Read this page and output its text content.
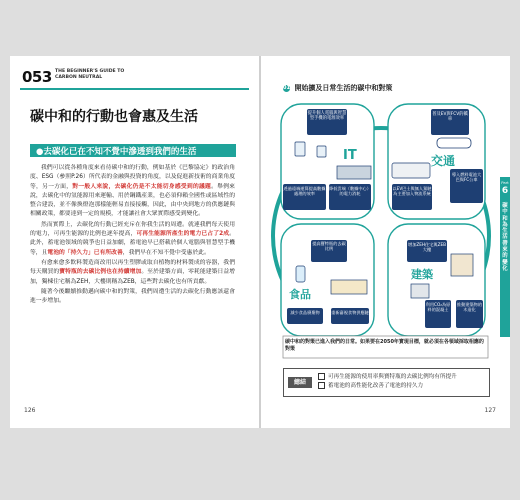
053 THE BEGINNER'S GUIDE TO CARBON NEUTRAL
碳中和的行動也會惠及生活
●去碳化已在不知不覺中滲透到我們的生活

我們可以從各種角度來看待碳中和的行動，例如基於《巴黎協定》的政治角度、ESG（參照P.26）所代表的金融與投資的角度，以及促進新技術的商業角度等，另一方面，對一般人來說，去碳化仍是不太能切身感受到的議題。舉例來說，去碳化中的氫能源用來運輸、用於鋼鐵產業，也必須仰賴全國性或區域性的整合建設，並不像換燈泡那樣能輕易直接接觸，因此，由中央到地方的供應鏈與相關政策，都要達到一定的規模，才能讓社會大眾實際感受到變化。

然而實際上，去碳化的行動已經充斥在你我生活的周遭。就連我們每天使用的電力，可再生能源的比例也逐年提高，可再生能源所產生的電力已占了2成。此外，蓄電池領域的競爭也日益加劇，蓄電池早已搭載於個人電腦與智慧型手機等，且電池的「持久力」已有所改善，我們早在不知不覺中受惠於此。

有愈來愈多飲料製造商改用以再生塑膠或取自植物的材料製成的容器，我們每天購買的寶特瓶的去碳比例也在持續增加。至於建築方面，零耗能建築日益增加，獨棟住宅稱為ZEH，大樓則稱為ZEB，這些對去碳化也有所貢獻。

隨著今後繼續推動邁向碳中和的對策，我們周遭生活的去碳化行動應該還會進一步增加。

126
01 開始擴及日常生活的碳中和對策
提升個人電腦與智慧型手機的電源效率
IT
透過遠端運算提高數據處理的效率
降低雲端（數據中心）的電力消耗
普及EV與FCV的轎車
交通
以EV巴士與無人駕駛為主要加入物流系統
導入燃料電池大巴與FC公車
提高寶特瓶的去碳比例
食品
減少食品廢棄物	重新審視食物供應鏈
增加ZEH住宅與ZEB大樓
建築
利用CO₂為原料的混凝土
推動建築物的木造化
碳中和的對策已進入我們的日常。如果要在2050年實現目標，就必須在各領域採取相應的對策
總結
可再生能源的使用率與寶特瓶的去碳比例均有所提升
蓄電池的高性能化改善了電池的持久力
Part
6
碳中和為生活帶來的變化
127
